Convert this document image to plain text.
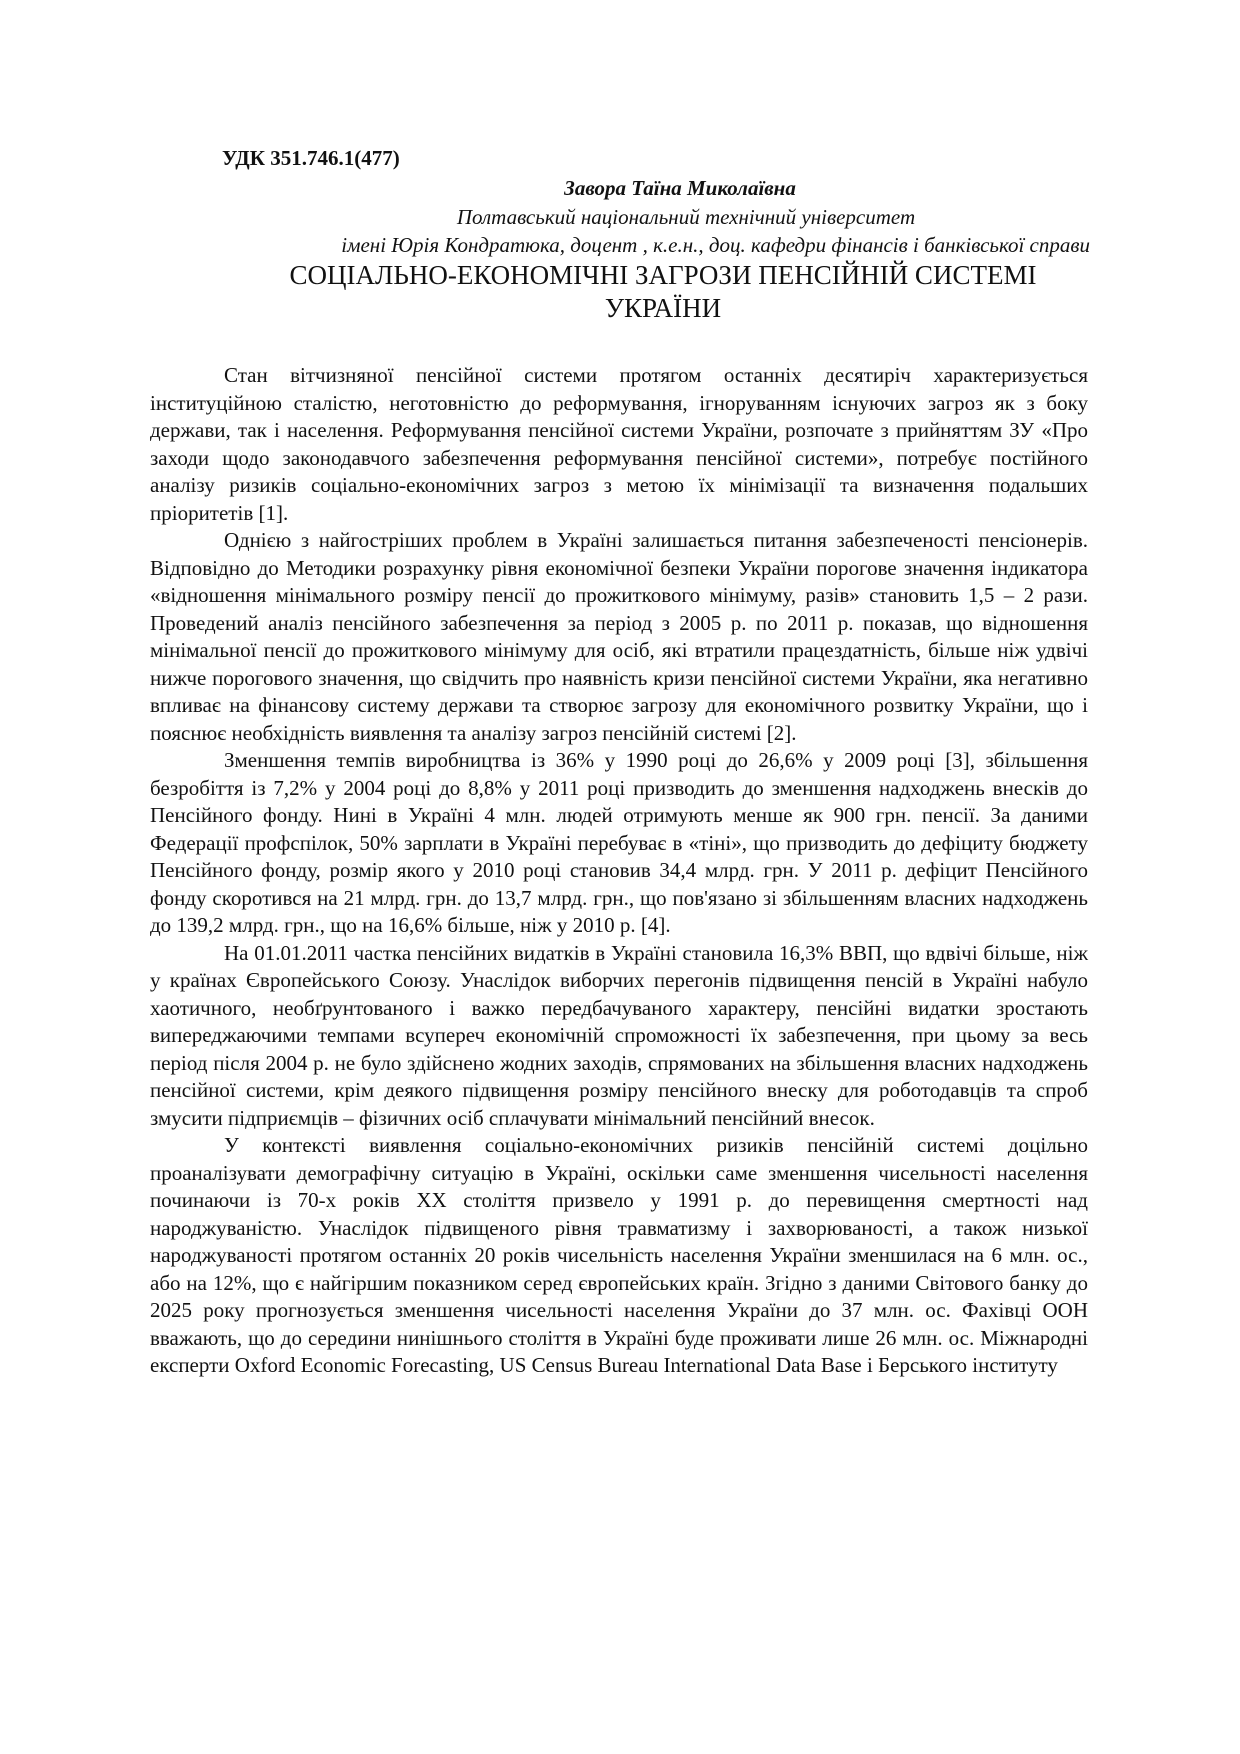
УДК 351.746.1(477)

Завора Таїна Миколаївна

Полтавський національний технічний університет

імені Юрія Кондратюка, доцент , к.е.н., доц. кафедри фінансів і банківської справи

СОЦІАЛЬНО-ЕКОНОМІЧНІ ЗАГРОЗИ ПЕНСІЙНІЙ СИСТЕМІ УКРАЇНИ

Стан вітчизняної пенсійної системи протягом останніх десятиріч характеризується інституційною сталістю, неготовністю до реформування, ігноруванням існуючих загроз як з боку держави, так і населення. Реформування пенсійної системи України, розпочате з прийняттям ЗУ «Про заходи щодо законодавчого забезпечення реформування пенсійної системи», потребує постійного аналізу ризиків соціально-економічних загроз з метою їх мінімізації та визначення подальших пріоритетів [1].

Однією з найгостріших проблем в Україні залишається питання забезпеченості пенсіонерів. Відповідно до Методики розрахунку рівня економічної безпеки України порогове значення індикатора «відношення мінімального розміру пенсії до прожиткового мінімуму, разів» становить 1,5 – 2 рази. Проведений аналіз пенсійного забезпечення за період з 2005 р. по 2011 р. показав, що відношення мінімальної пенсії до прожиткового мінімуму для осіб, які втратили працездатність, більше ніж удвічі нижче порогового значення, що свідчить про наявність кризи пенсійної системи України, яка негативно впливає на фінансову систему держави та створює загрозу для економічного розвитку України, що і пояснює необхідність виявлення та аналізу загроз пенсійній системі [2].

Зменшення темпів виробництва із 36% у 1990 році до 26,6% у 2009 році [3], збільшення безробіття із 7,2% у 2004 році до 8,8% у 2011 році призводить до зменшення надходжень внесків до Пенсійного фонду. Нині в Україні 4 млн. людей отримують менше як 900 грн. пенсії. За даними Федерації профспілок, 50% зарплати в Україні перебуває в «тіні», що призводить до дефіциту бюджету Пенсійного фонду, розмір якого у 2010 році становив 34,4 млрд. грн. У 2011 р. дефіцит Пенсійного фонду скоротився на 21 млрд. грн. до 13,7 млрд. грн., що пов'язано зі збільшенням власних надходжень до 139,2 млрд. грн., що на 16,6% більше, ніж у 2010 р. [4].

На 01.01.2011 частка пенсійних видатків в Україні становила 16,3% ВВП, що вдвічі більше, ніж у країнах Європейського Союзу. Унаслідок виборчих перегонів підвищення пенсій в Україні набуло хаотичного, необґрунтованого і важко передбачуваного характеру, пенсійні видатки зростають випереджаючими темпами всупереч економічній спроможності їх забезпечення, при цьому за весь період після 2004 р. не було здійснено жодних заходів, спрямованих на збільшення власних надходжень пенсійної системи, крім деякого підвищення розміру пенсійного внеску для роботодавців та спроб змусити підприємців – фізичних осіб сплачувати мінімальний пенсійний внесок.

У контексті виявлення соціально-економічних ризиків пенсійній системі доцільно проаналізувати демографічну ситуацію в Україні, оскільки саме зменшення чисельності населення починаючи із 70-х років XX століття призвело у 1991 р. до перевищення смертності над народжуваністю. Унаслідок підвищеного рівня травматизму і захворюваності, а також низької народжуваності протягом останніх 20 років чисельність населення України зменшилася на 6 млн. ос., або на 12%, що є найгіршим показником серед європейських країн. Згідно з даними Світового банку до 2025 року прогнозується зменшення чисельності населення України до 37 млн. ос. Фахівці ООН вважають, що до середини нинішнього століття в Україні буде проживати лише 26 млн. ос. Міжнародні експерти Oxford Economic Forecasting, US Census Bureau International Data Base і Берського інституту
